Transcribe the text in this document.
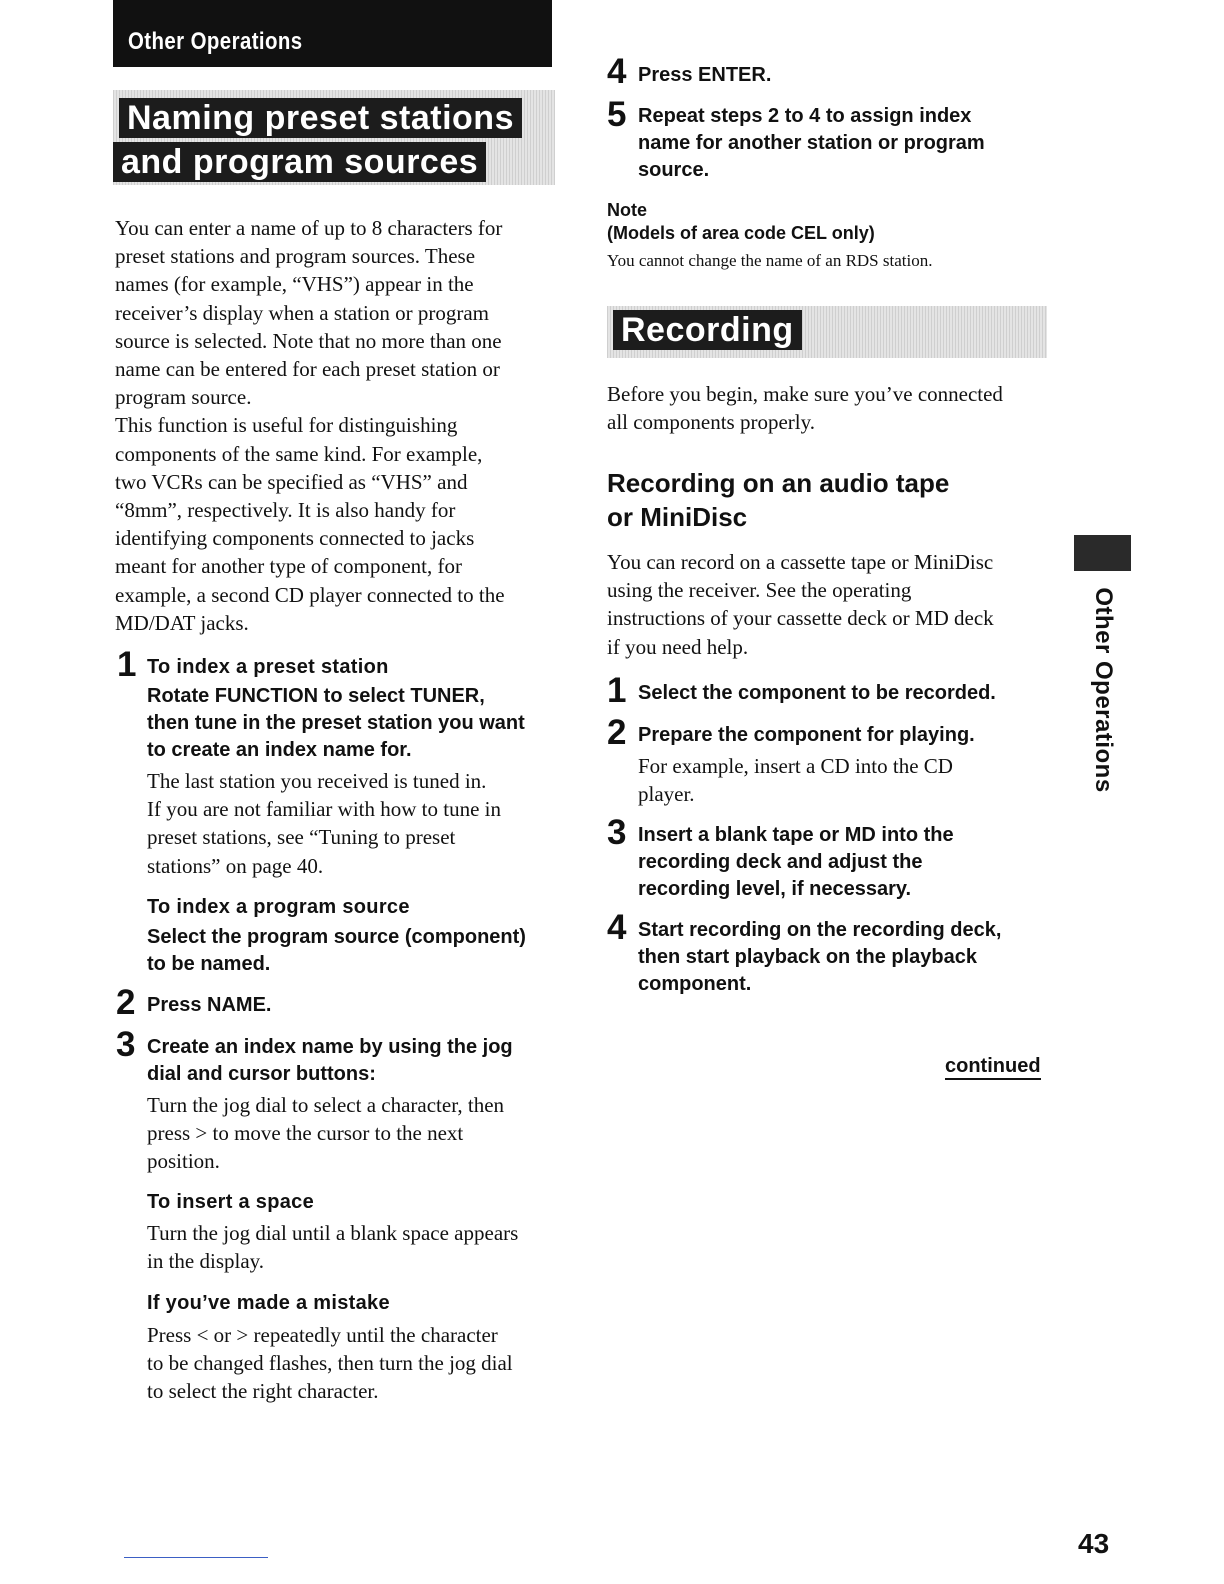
Other Operations
Naming preset stations
and program sources
You can enter a name of up to 8 characters for
preset stations and program sources. These
names (for example, “VHS”) appear in the
receiver’s display when a station or program
source is selected. Note that no more than one
name can be entered for each preset station or
program source.
This function is useful for distinguishing
components of the same kind. For example,
two VCRs can be specified as “VHS” and
“8mm”, respectively. It is also handy for
identifying components connected to jacks
meant for another type of component, for
example, a second CD player connected to the
MD/DAT jacks.
1 To index a preset station
Rotate FUNCTION to select TUNER,
then tune in the preset station you want
to create an index name for.
The last station you received is tuned in.
If you are not familiar with how to tune in
preset stations, see “Tuning to preset
stations” on page 40.
To index a program source
Select the program source (component)
to be named.
2 Press NAME.
3 Create an index name by using the jog
dial and cursor buttons:
Turn the jog dial to select a character, then
press > to move the cursor to the next
position.
To insert a space
Turn the jog dial until a blank space appears
in the display.
If you’ve made a mistake
Press < or > repeatedly until the character
to be changed flashes, then turn the jog dial
to select the right character.
4 Press ENTER.
5 Repeat steps 2 to 4 to assign index
name for another station or program
source.
Note
(Models of area code CEL only)
You cannot change the name of an RDS station.
Recording
Before you begin, make sure you’ve connected
all components properly.
Recording on an audio tape
or MiniDisc
You can record on a cassette tape or MiniDisc
using the receiver. See the operating
instructions of your cassette deck or MD deck
if you need help.
1 Select the component to be recorded.
2 Prepare the component for playing.
For example, insert a CD into the CD
player.
3 Insert a blank tape or MD into the
recording deck and adjust the
recording level, if necessary.
4 Start recording on the recording deck,
then start playback on the playback
component.
continued
Other Operations
43
